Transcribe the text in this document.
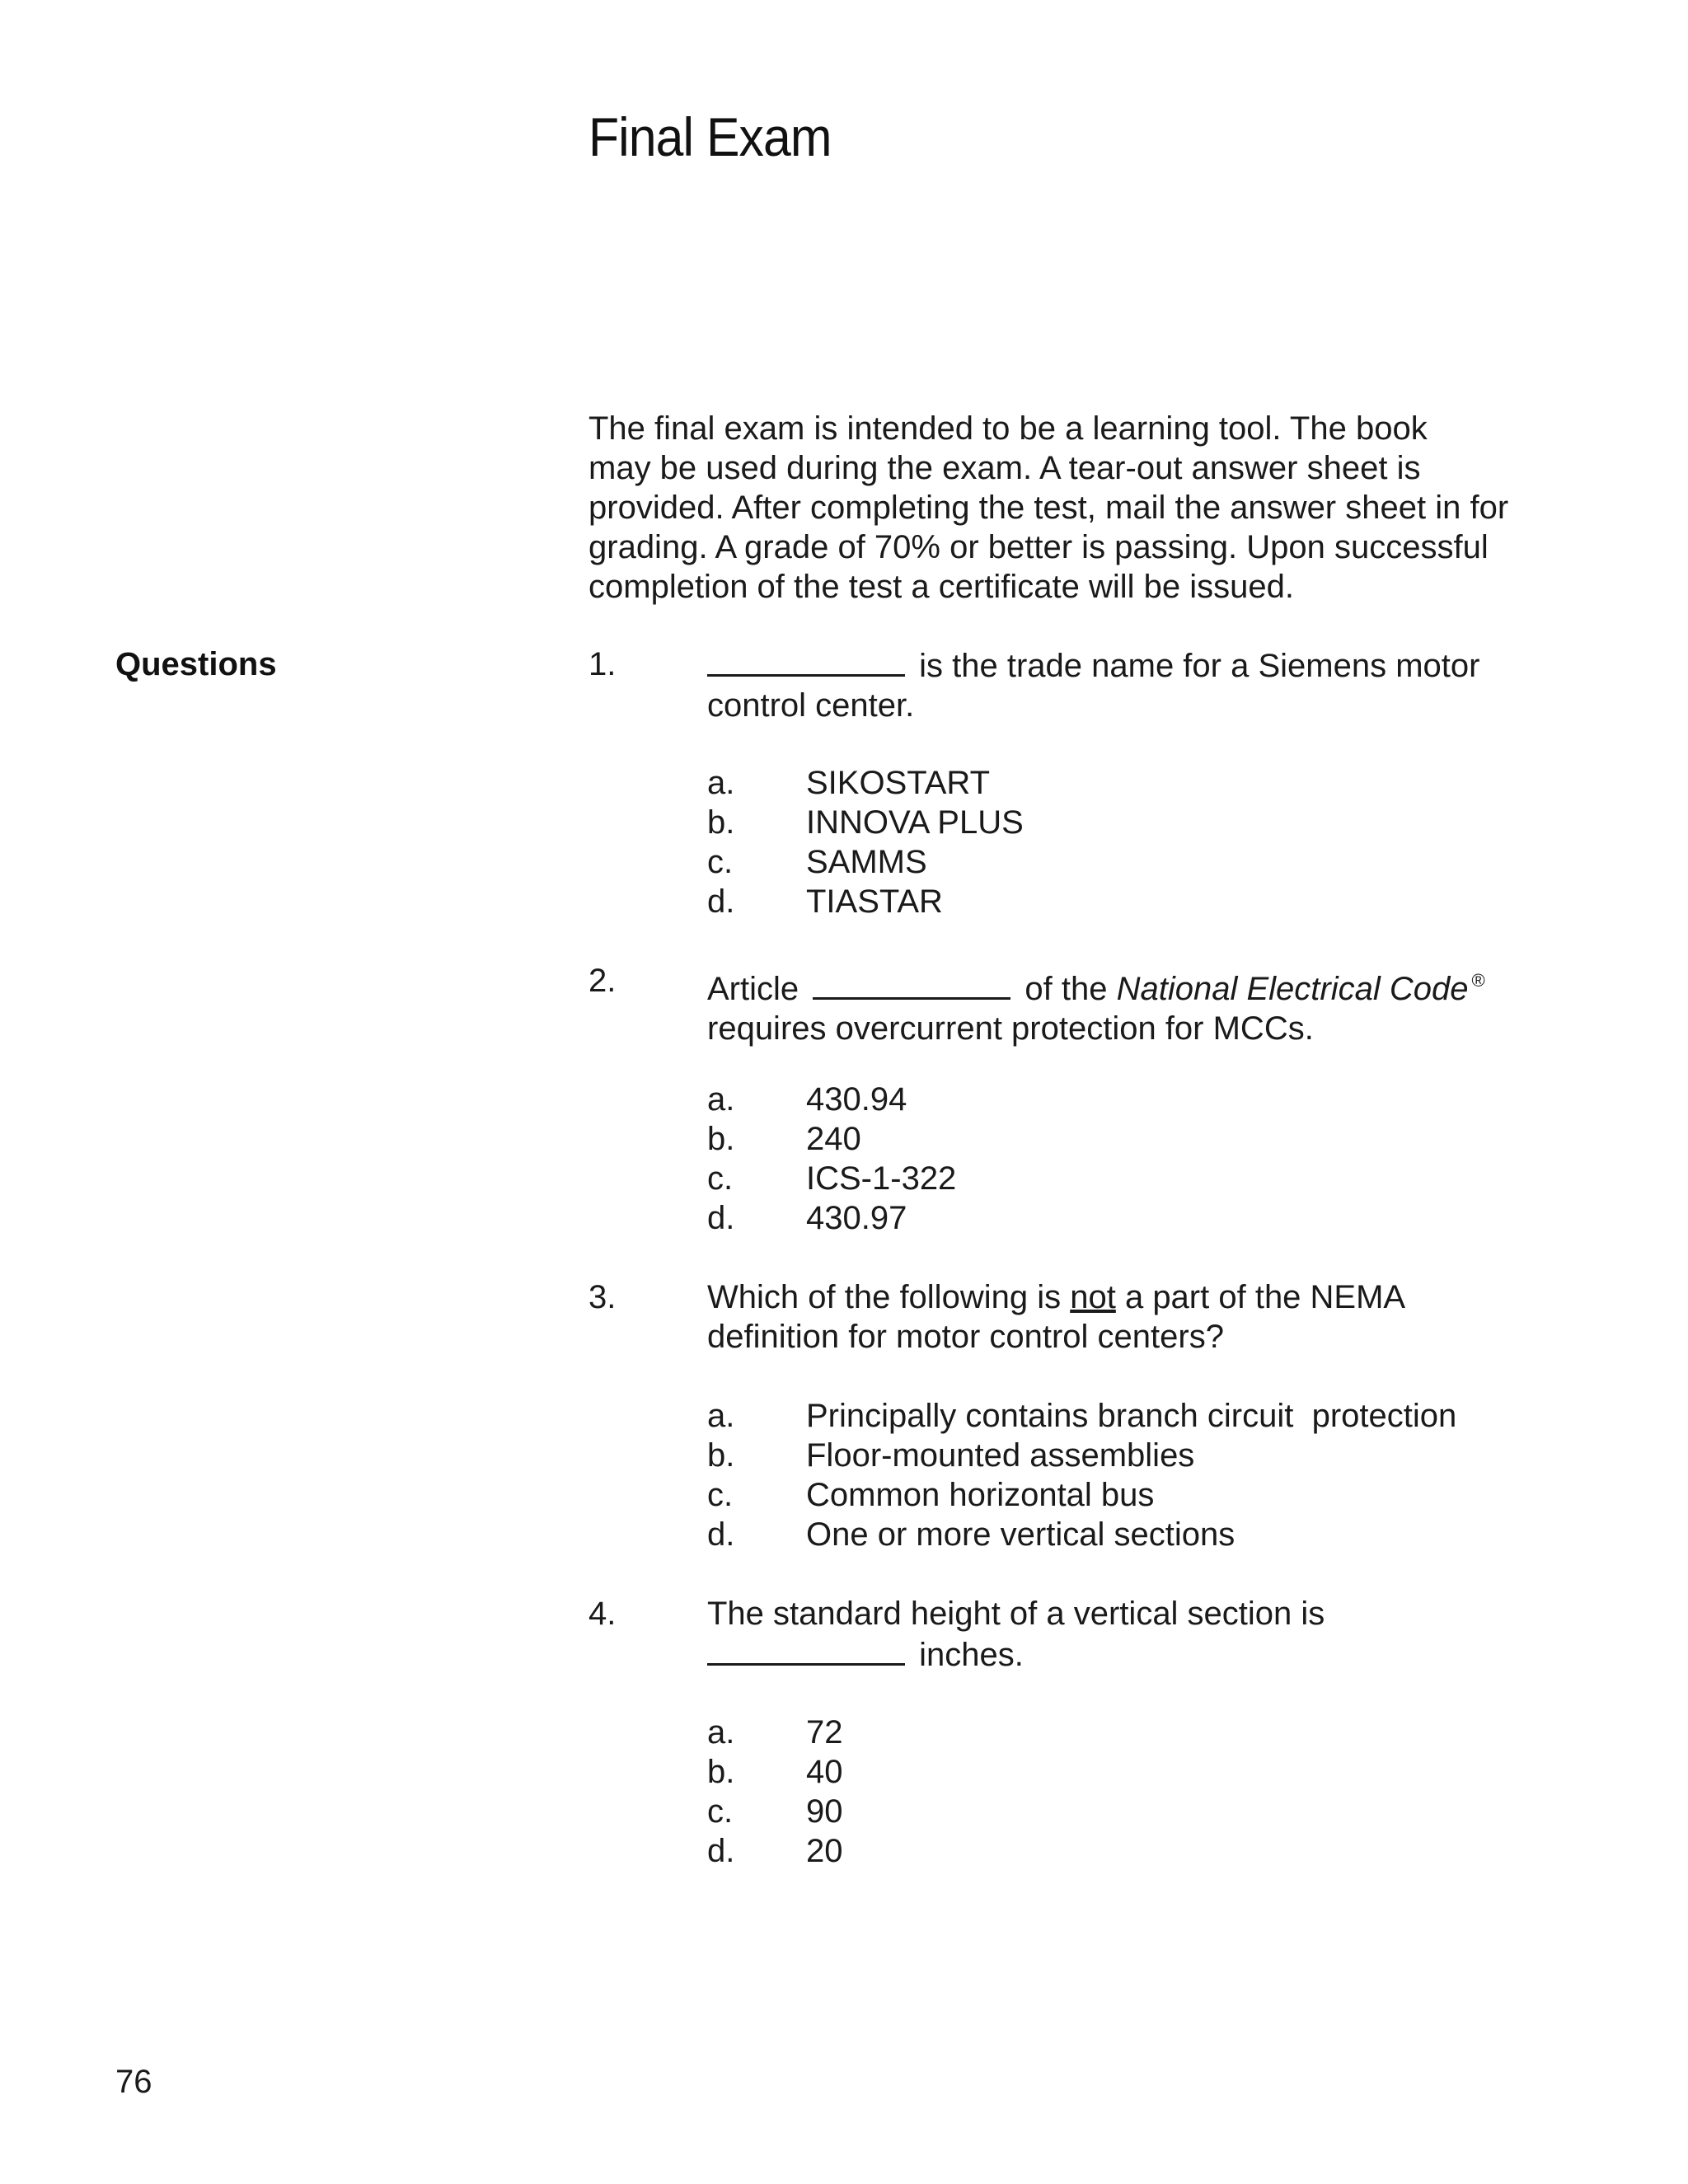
Final Exam
The final exam is intended to be a learning tool. The book
may be used during the exam. A tear-out answer sheet is
provided. After completing the test, mail the answer sheet in for
grading. A grade of 70% or better is passing. Upon successful
completion of the test a certificate will be issued.
Questions	1.	is the trade name for a Siemens motor
control center.
a. SIKOSTART
b. INNOVA PLUS
c. SAMMS
d. TIASTAR
2.	Article	of the National Electrical Code ®
requires overcurrent protection for MCCs.
a. 430.94
b. 240
c. ICS-1-322
d. 430.97
3.	Which of the following is not a part of the NEMA
definition for motor control centers?
a. Principally contains branch circuit  protection
b. Floor-mounted assemblies
c. Common horizontal bus
d. One or more vertical sections
4.	The standard height of a vertical section is
inches.
a. 72
b. 40
c. 90
d. 20
76
